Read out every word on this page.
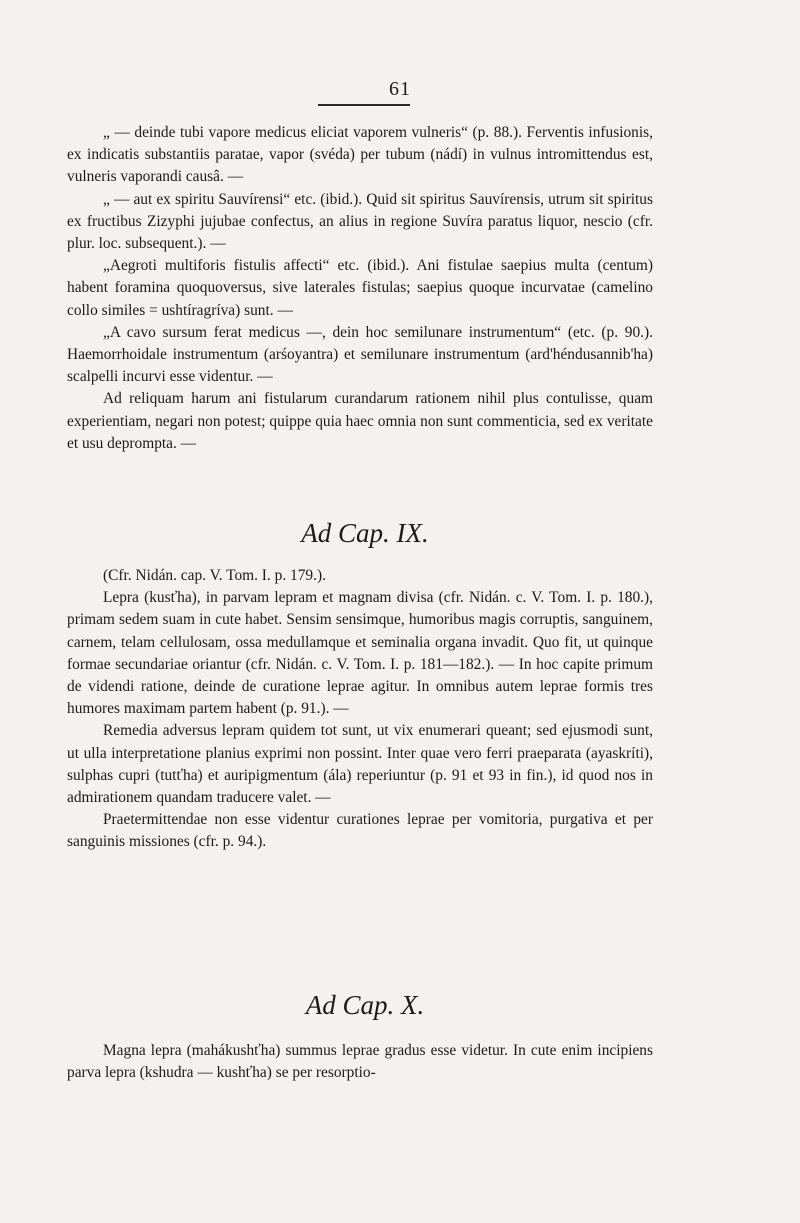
61

„ — deinde tubi vapore medicus eliciat vaporem vulneris“ (p. 88.). Ferventis infusionis, ex indicatis substantiis paratae, vapor (svéda) per tubum (nádí) in vulnus intromittendus est, vulneris vaporandi causâ. —

„ — aut ex spiritu Sauvírensi“ etc. (ibid.). Quid sit spiritus Sauvírensis, utrum sit spiritus ex fructibus Zizyphi jujubae confectus, an alius in regione Suvíra paratus liquor, nescio (cfr. plur. loc. subsequent.). —

„Aegroti multiforis fistulis affecti“ etc. (ibid.). Ani fistulae saepius multa (centum) habent foramina quoquoversus, sive laterales fistulas; saepius quoque incurvatae (camelino collo similes = ushtíragríva) sunt. —

„A cavo sursum ferat medicus —, dein hoc semilunare instrumentum“ (etc. (p. 90.). Haemorrhoidale instrumentum (arśoyantra) et semilunare instrumentum (ard'héndusannib'ha) scalpelli incurvi esse videntur. —

Ad reliquam harum ani fistularum curandarum rationem nihil plus contulisse, quam experientiam, negari non potest; quippe quia haec omnia non sunt commenticia, sed ex veritate et usu deprompta. —

Ad Cap. IX.

(Cfr. Nidán. cap. V. Tom. I. p. 179.).

Lepra (kusťha), in parvam lepram et magnam divisa (cfr. Nidán. c. V. Tom. I. p. 180.), primam sedem suam in cute habet. Sensim sensimque, humoribus magis corruptis, sanguinem, carnem, telam cellulosam, ossa medullamque et seminalia organa invadit. Quo fit, ut quinque formae secundariae oriantur (cfr. Nidán. c. V. Tom. I. p. 181—182.). — In hoc capite primum de videndi ratione, deinde de curatione leprae agitur. In omnibus autem leprae formis tres humores maximam partem habent (p. 91.). —

Remedia adversus lepram quidem tot sunt, ut vix enumerari queant; sed ejusmodi sunt, ut ulla interpretatione planius exprimi non possint. Inter quae vero ferri praeparata (ayaskríti), sulphas cupri (tutťha) et auripigmentum (ála) reperiuntur (p. 91 et 93 in fin.), id quod nos in admirationem quandam traducere valet. —

Praetermittendae non esse videntur curationes leprae per vomitoria, purgativa et per sanguinis missiones (cfr. p. 94.).

Ad Cap. X.

Magna lepra (mahákushťha) summus leprae gradus esse videtur. In cute enim incipiens parva lepra (kshudra — kushťha) se per resorptio-
